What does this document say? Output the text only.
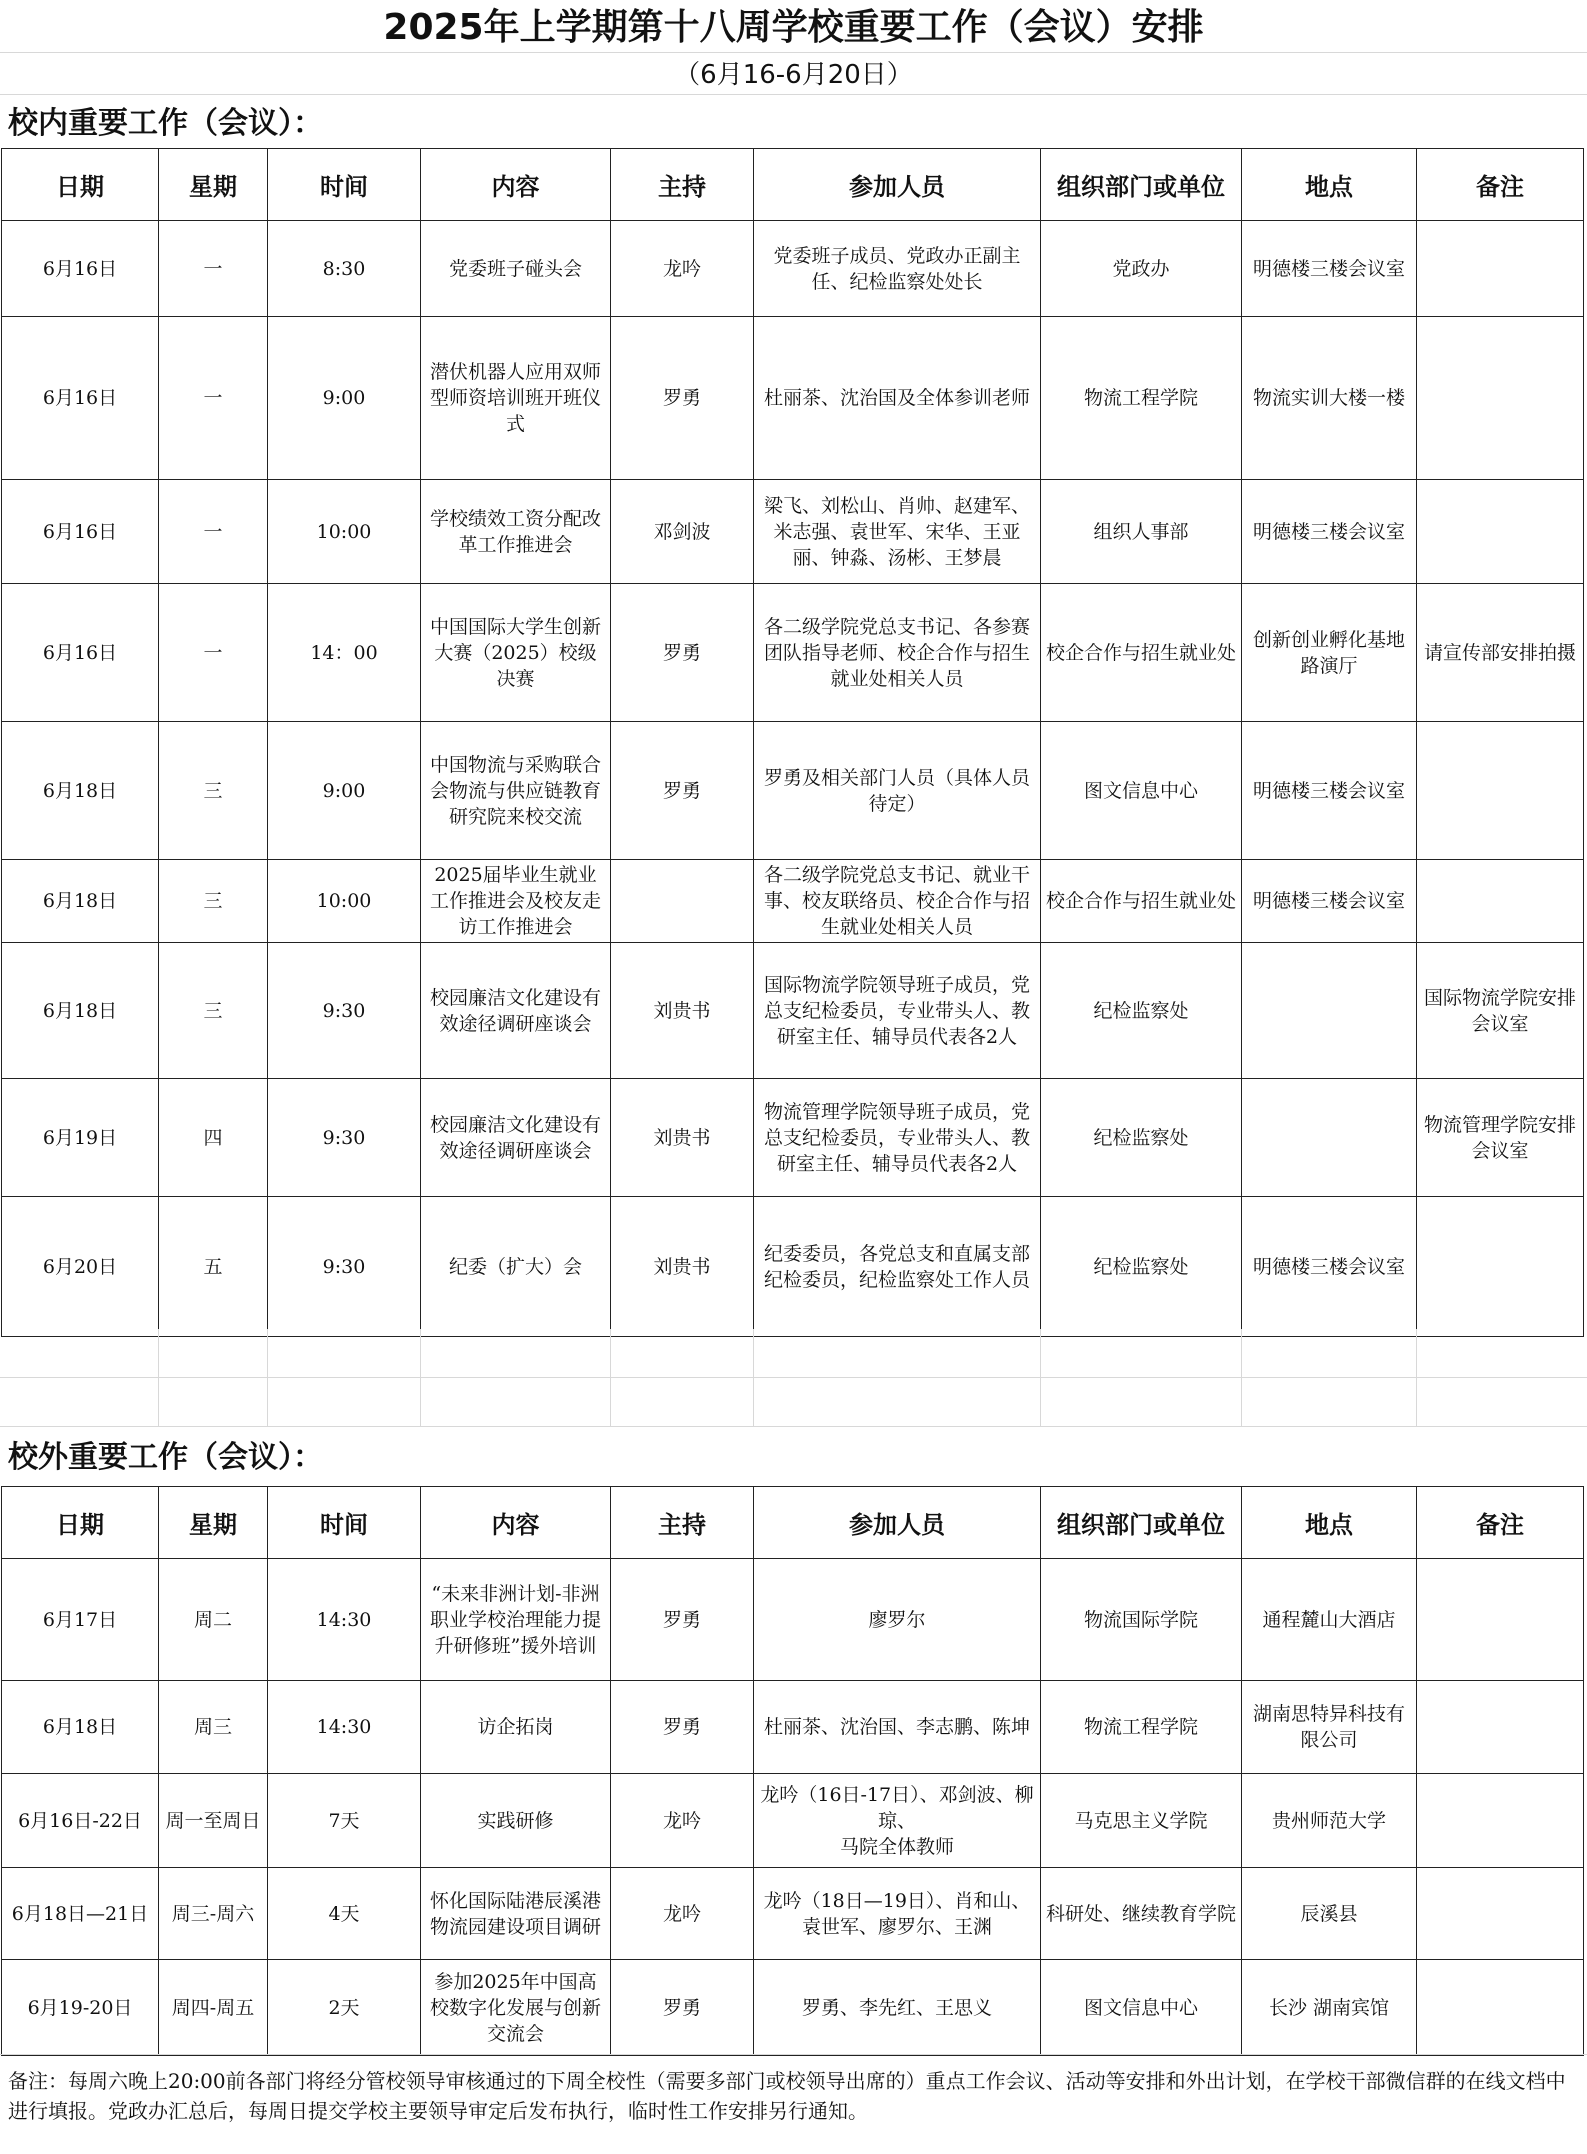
2025年上学期第十八周学校重要工作（会议）安排
（6月16-6月20日）
校内重要工作（会议）：
日期	星期	时间	内容	主持	参加人员	组织部门或单位	地点	备注
6月16日	一	8:30	党委班子碰头会	龙吟	党委班子成员、党政办正副主任、纪检监察处处长	党政办	明德楼三楼会议室	
6月16日	一	9:00	潜伏机器人应用双师型师资培训班开班仪式	罗勇	杜丽茶、沈治国及全体参训老师	物流工程学院	物流实训大楼一楼	
6月16日	一	10:00	学校绩效工资分配改革工作推进会	邓剑波	梁飞、刘松山、肖帅、赵建军、米志强、袁世军、宋华、王亚丽、钟淼、汤彬、王梦晨	组织人事部	明德楼三楼会议室	
6月16日	一	14：00	中国国际大学生创新大赛（2025）校级决赛	罗勇	各二级学院党总支书记、各参赛团队指导老师、校企合作与招生就业处相关人员	校企合作与招生就业处	创新创业孵化基地路演厅	请宣传部安排拍摄
6月18日	三	9:00	中国物流与采购联合会物流与供应链教育研究院来校交流	罗勇	罗勇及相关部门人员（具体人员待定）	图文信息中心	明德楼三楼会议室	
6月18日	三	10:00	2025届毕业生就业工作推进会及校友走访工作推进会		各二级学院党总支书记、就业干事、校友联络员、校企合作与招生就业处相关人员	校企合作与招生就业处	明德楼三楼会议室	
6月18日	三	9:30	校园廉洁文化建设有效途径调研座谈会	刘贵书	国际物流学院领导班子成员，党总支纪检委员，专业带头人、教研室主任、辅导员代表各2人	纪检监察处		国际物流学院安排会议室
6月19日	四	9:30	校园廉洁文化建设有效途径调研座谈会	刘贵书	物流管理学院领导班子成员，党总支纪检委员，专业带头人、教研室主任、辅导员代表各2人	纪检监察处		物流管理学院安排会议室
6月20日	五	9:30	纪委（扩大）会	刘贵书	纪委委员，各党总支和直属支部纪检委员，纪检监察处工作人员	纪检监察处	明德楼三楼会议室	
校外重要工作（会议）：
日期	星期	时间	内容	主持	参加人员	组织部门或单位	地点	备注
6月17日	周二	14:30	“未来非洲计划-非洲职业学校治理能力提升研修班”援外培训	罗勇	廖罗尔	物流国际学院	通程麓山大酒店	
6月18日	周三	14:30	访企拓岗	罗勇	杜丽茶、沈治国、李志鹏、陈坤	物流工程学院	湖南思特异科技有限公司	
6月16日-22日	周一至周日	7天	实践研修	龙吟	龙吟（16日-17日）、邓剑波、柳琼、
马院全体教师	马克思主义学院	贵州师范大学	
6月18日—21日	周三-周六	4天	怀化国际陆港辰溪港物流园建设项目调研	龙吟	龙吟（18日—19日）、肖和山、袁世军、廖罗尔、王渊	科研处、继续教育学院	辰溪县	
6月19-20日	周四-周五	2天	参加2025年中国高校数字化发展与创新交流会	罗勇	罗勇、李先红、王思义	图文信息中心	长沙 湖南宾馆	
备注：每周六晚上20:00前各部门将经分管校领导审核通过的下周全校性（需要多部门或校领导出席的）重点工作会议、活动等安排和外出计划，在学校干部微信群的在线文档中进行填报。党政办汇总后，每周日提交学校主要领导审定后发布执行，临时性工作安排另行通知。
